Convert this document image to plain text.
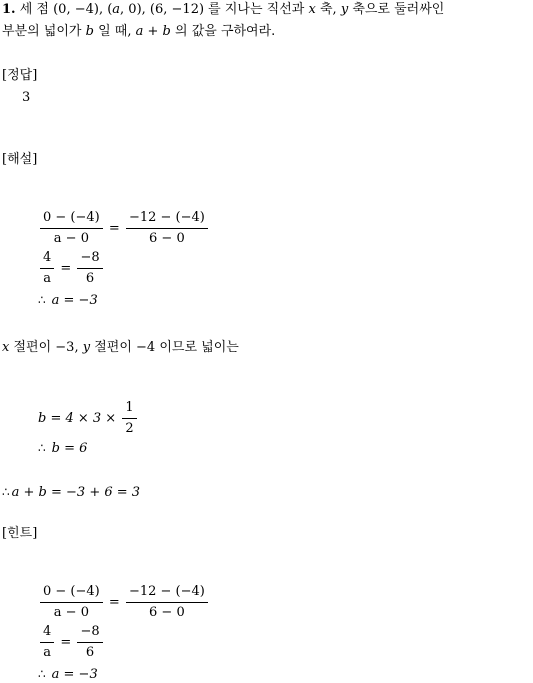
1. 세 점 (0, −4), (a, 0), (6, −12) 를 지나는 직선과 x 축, y 축으로 둘러싸인
부분의 넓이가 b 일 때, a + b 의 값을 구하여라.
[정답]
3
[해설]
$\frac{0 - (-4)}{a - 0} = \frac{-12 - (-4)}{6 - 0}$
$\frac{4}{a} = \frac{-8}{6}$
∴ a = −3
x 절편이 −3, y 절편이 −4 이므로 넓이는
$b = 4 \times 3 \times \frac{1}{2}$
∴ b = 6
∴ a + b = −3 + 6 = 3
[힌트]
$\frac{0 - (-4)}{a - 0} = \frac{-12 - (-4)}{6 - 0}$
$\frac{4}{a} = \frac{-8}{6}$
∴ a = −3
